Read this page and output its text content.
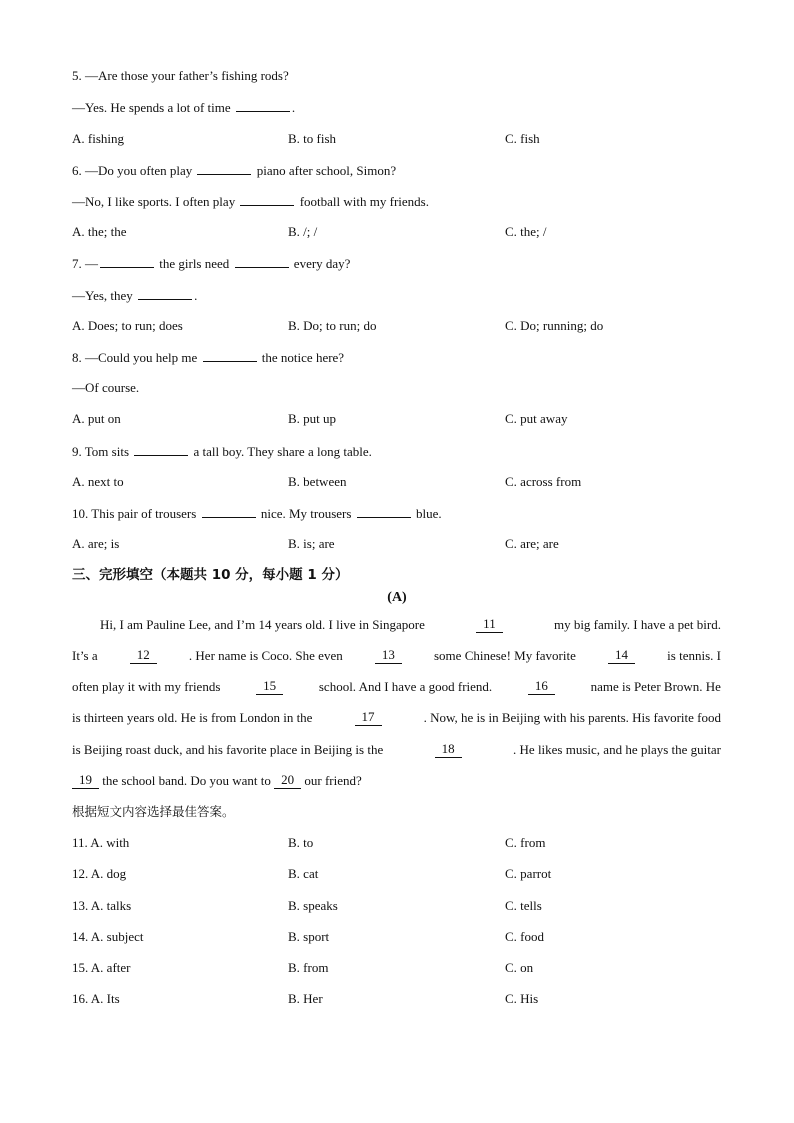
5. —Are those your father’s fishing rods?
—Yes. He spends a lot of time	.
A. fishing	B. to fish	C. fish
6. —Do you often play	piano after school, Simon?
—No, I like sports. I often play	football with my friends.
A. the; the	B. /; /	C. the; /
7. —	the girls need	every day?
—Yes, they	.
A. Does; to run; does	B. Do; to run; do	C. Do; running; do
8. —Could you help me	the notice here?
—Of course.
A. put on	B. put up	C. put away
9. Tom sits	a tall boy. They share a long table.
A. next to	B. between	C. across from
10. This pair of trousers	nice. My trousers	blue.
A. are; is	B. is; are	C. are; are
三、完形填空（本题共 10 分，每小题 1 分）
(A)
Hi, I am Pauline Lee, and I’m 14 years old. I live in Singapore	11	my big family. I have a pet bird.
It’s a	12	. Her name is Coco. She even	13	some Chinese! My favorite	14	is tennis. I
often play it with my friends	15	school. And I have a good friend.	16	name is Peter Brown. He
is thirteen years old. He is from London in the	17	. Now, he is in Beijing with his parents. His favorite food
is Beijing roast duck, and his favorite place in Beijing is the	18	. He likes music, and he plays the guitar
19
the school band. Do you want to
20
our friend?
根据短文内容选择最佳答案。
11. A. with	B. to	C. from
12. A. dog	B. cat	C. parrot
13. A. talks	B. speaks	C. tells
14. A. subject	B. sport	C. food
15. A. after	B. from	C. on
16. A. Its	B. Her	C. His
